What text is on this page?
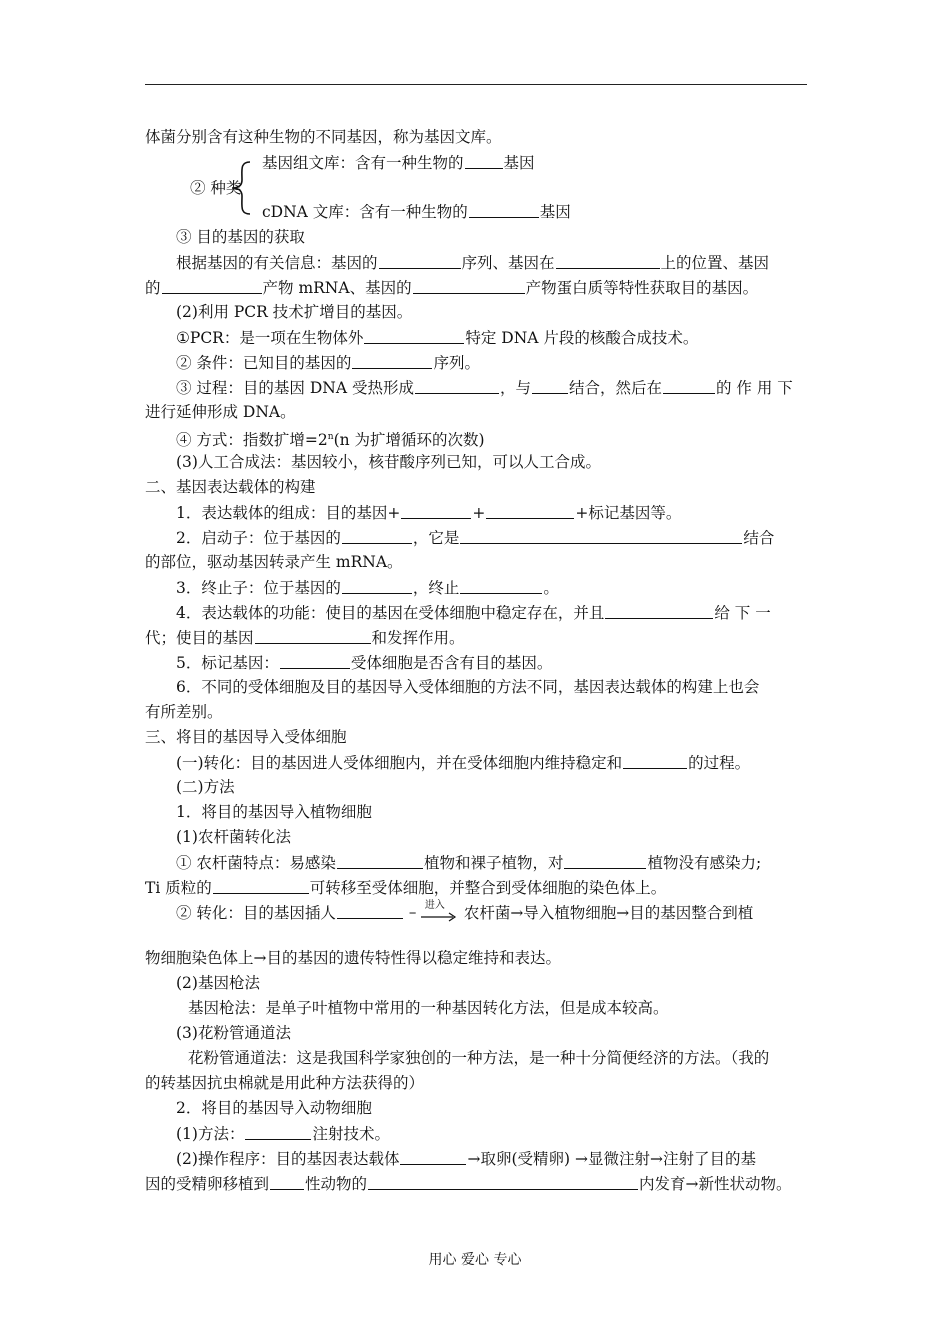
体菌分别含有这种生物的不同基因，称为基因文库。
② 种类
基因组文库：含有一种生物的	基因
cDNA 文库：含有一种生物的	基因
③ 目的基因的获取
根据基因的有关信息：基因的	序列、基因在	上的位置、基因
的	产物 mRNA、基因的	产物蛋白质等特性获取目的基因。
(2)利用 PCR 技术扩增目的基因。
①PCR：是一项在生物体外	特定 DNA 片段的核酸合成技术。
② 条件：已知目的基因的	序列。
③ 过程：目的基因 DNA 受热形成	，与 结合，然后在	的 作 用 下
进行延伸形成 DNA。
④ 方式：指数扩增$=2^n(n$ 为扩增循环的次数)
(3)人工合成法：基因较小，核苷酸序列已知，可以人工合成。
二、基因表达载体的构建
1．表达载体的组成：目的基因+	+	+标记基因等。
2．启动子：位于基因的	，它是	结合
的部位，驱动基因转录产生 mRNA。
3．终止子：位于基因的	，终止	。
4．表达载体的功能：使目的基因在受体细胞中稳定存在，并且	给 下 一
代；使目的基因	和发挥作用。
5．标记基因：	受体细胞是否含有目的基因。
6．不同的受体细胞及目的基因导入受体细胞的方法不同，基因表达载体的构建上也会
有所差别。
三、将目的基因导入受体细胞
(一)转化：目的基因进人受体细胞内，并在受体细胞内维持稳定和	的过程。
(二)方法
1．将目的基因导入植物细胞
(1)农杆菌转化法
① 农杆菌特点：易感染	植物和裸子植物，对	植物没有感染力;
Ti 质粒的	可转移至受体细胞，并整合到受体细胞的染色体上。
② 转化：目的基因插人	– 进入 农杆菌→导入植物细胞→目的基因整合到植
物细胞染色体上→目的基因的遗传特性得以稳定维持和表达。
(2)基因枪法
基因枪法：是单子叶植物中常用的一种基因转化方法，但是成本较高。
(3)花粉管通道法
花粉管通道法：这是我国科学家独创的一种方法，是一种十分简便经济的方法。（我的
的转基因抗虫棉就是用此种方法获得的）
2．将目的基因导入动物细胞
(1)方法：	注射技术。
(2)操作程序：目的基因表达载体	→取卵(受精卵) →显微注射→注射了目的基
因的受精卵移植到 性动物的	内发育→新性状动物。
用心 爱心 专心
